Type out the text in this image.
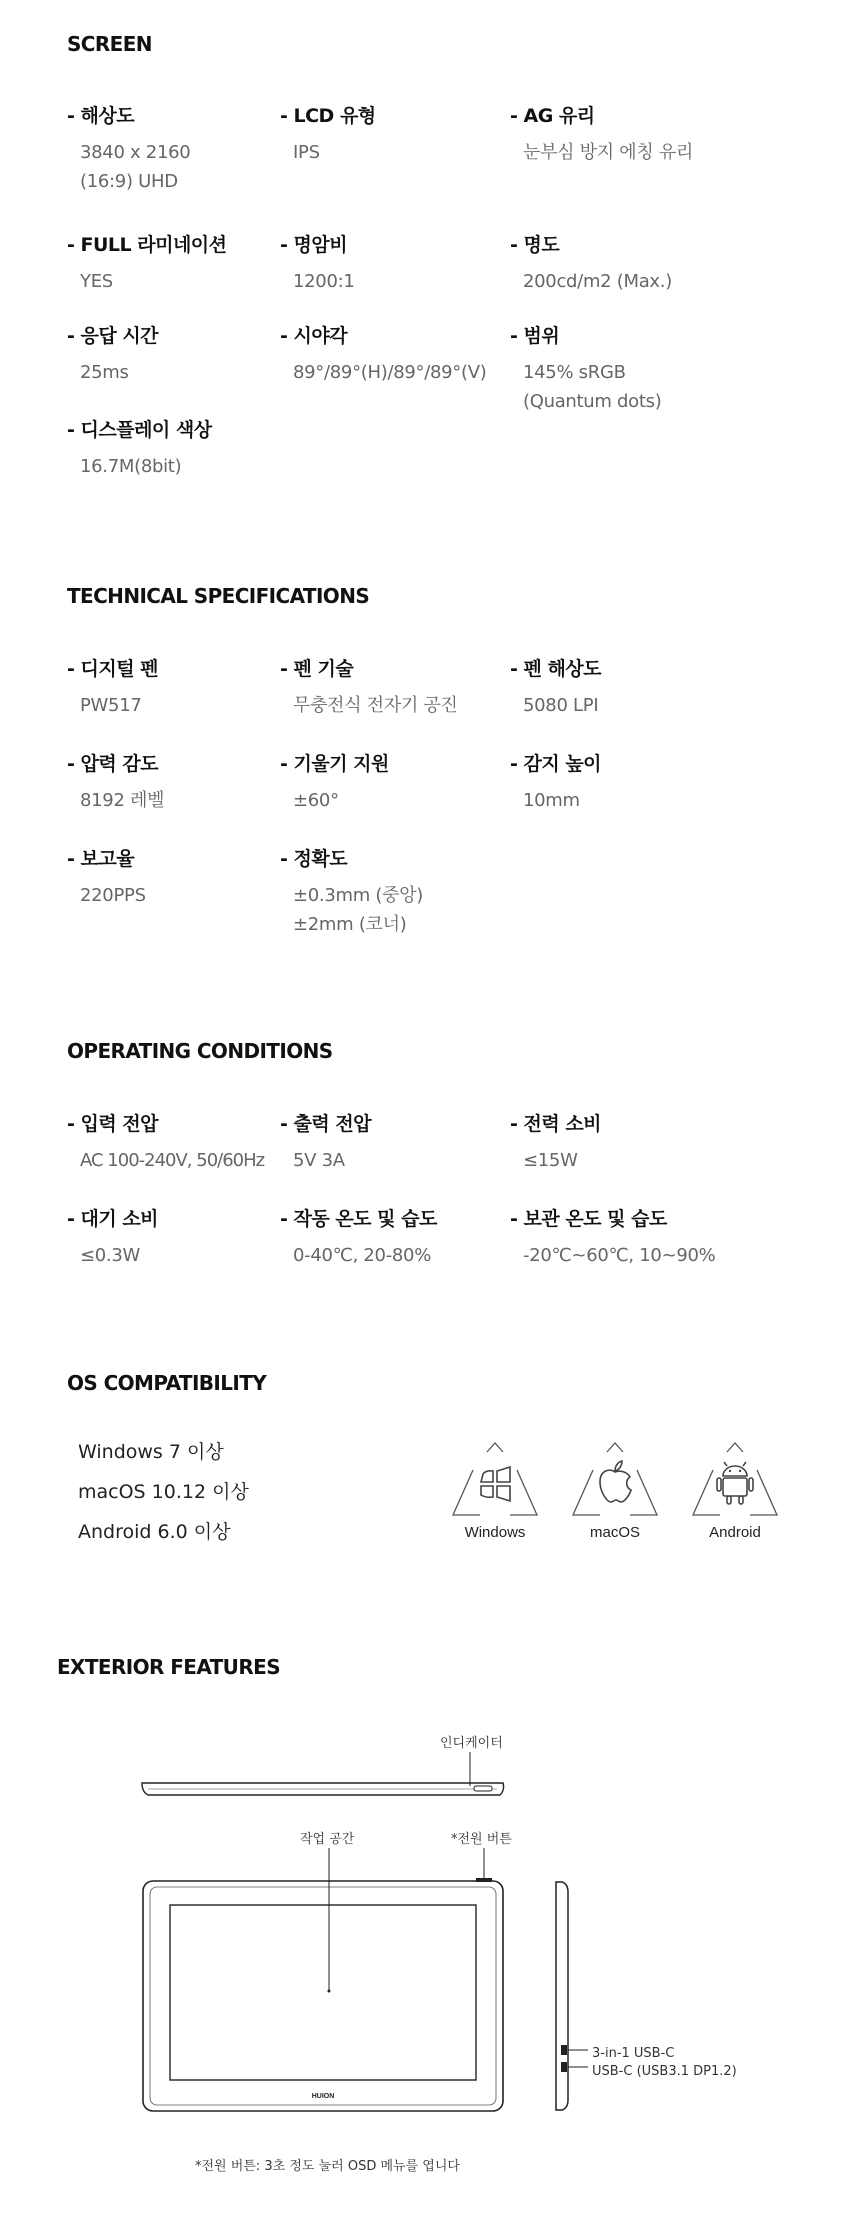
SCREEN
- 해상도
3840 x 2160
(16:9) UHD
- LCD 유형
IPS
- AG 유리
눈부심 방지 에칭 유리
- FULL 라미네이션
YES
- 명암비
1200:1
- 명도
200cd/m2 (Max.)
- 응답 시간
25ms
- 시야각
89°/89°(H)/89°/89°(V)
- 범위
145% sRGB
(Quantum dots)
- 디스플레이 색상
16.7M(8bit)
TECHNICAL SPECIFICATIONS
- 디지털 펜
PW517
- 펜 기술
무충전식 전자기 공진
- 펜 해상도
5080 LPI
- 압력 감도
8192 레벨
- 기울기 지원
±60°
- 감지 높이
10mm
- 보고율
220PPS
- 정확도
±0.3mm (중앙)
±2mm (코너)
OPERATING CONDITIONS
- 입력 전압
AC 100-240V, 50/60Hz
- 출력 전압
5V 3A
- 전력 소비
≤15W
- 대기 소비
≤0.3W
- 작동 온도 및 습도
0-40℃, 20-80%
- 보관 온도 및 습도
-20℃~60℃, 10~90%
OS COMPATIBILITY
Windows 7 이상
macOS 10.12 이상
Android 6.0 이상	Windows	macOS	Android
EXTERIOR FEATURES
인디케이터
작업 공간	*전원 버튼
3-in-1 USB-C
USB-C (USB3.1 DP1.2)
*전원 버튼: 3초 정도 눌러 OSD 메뉴를 엽니다
HUION
